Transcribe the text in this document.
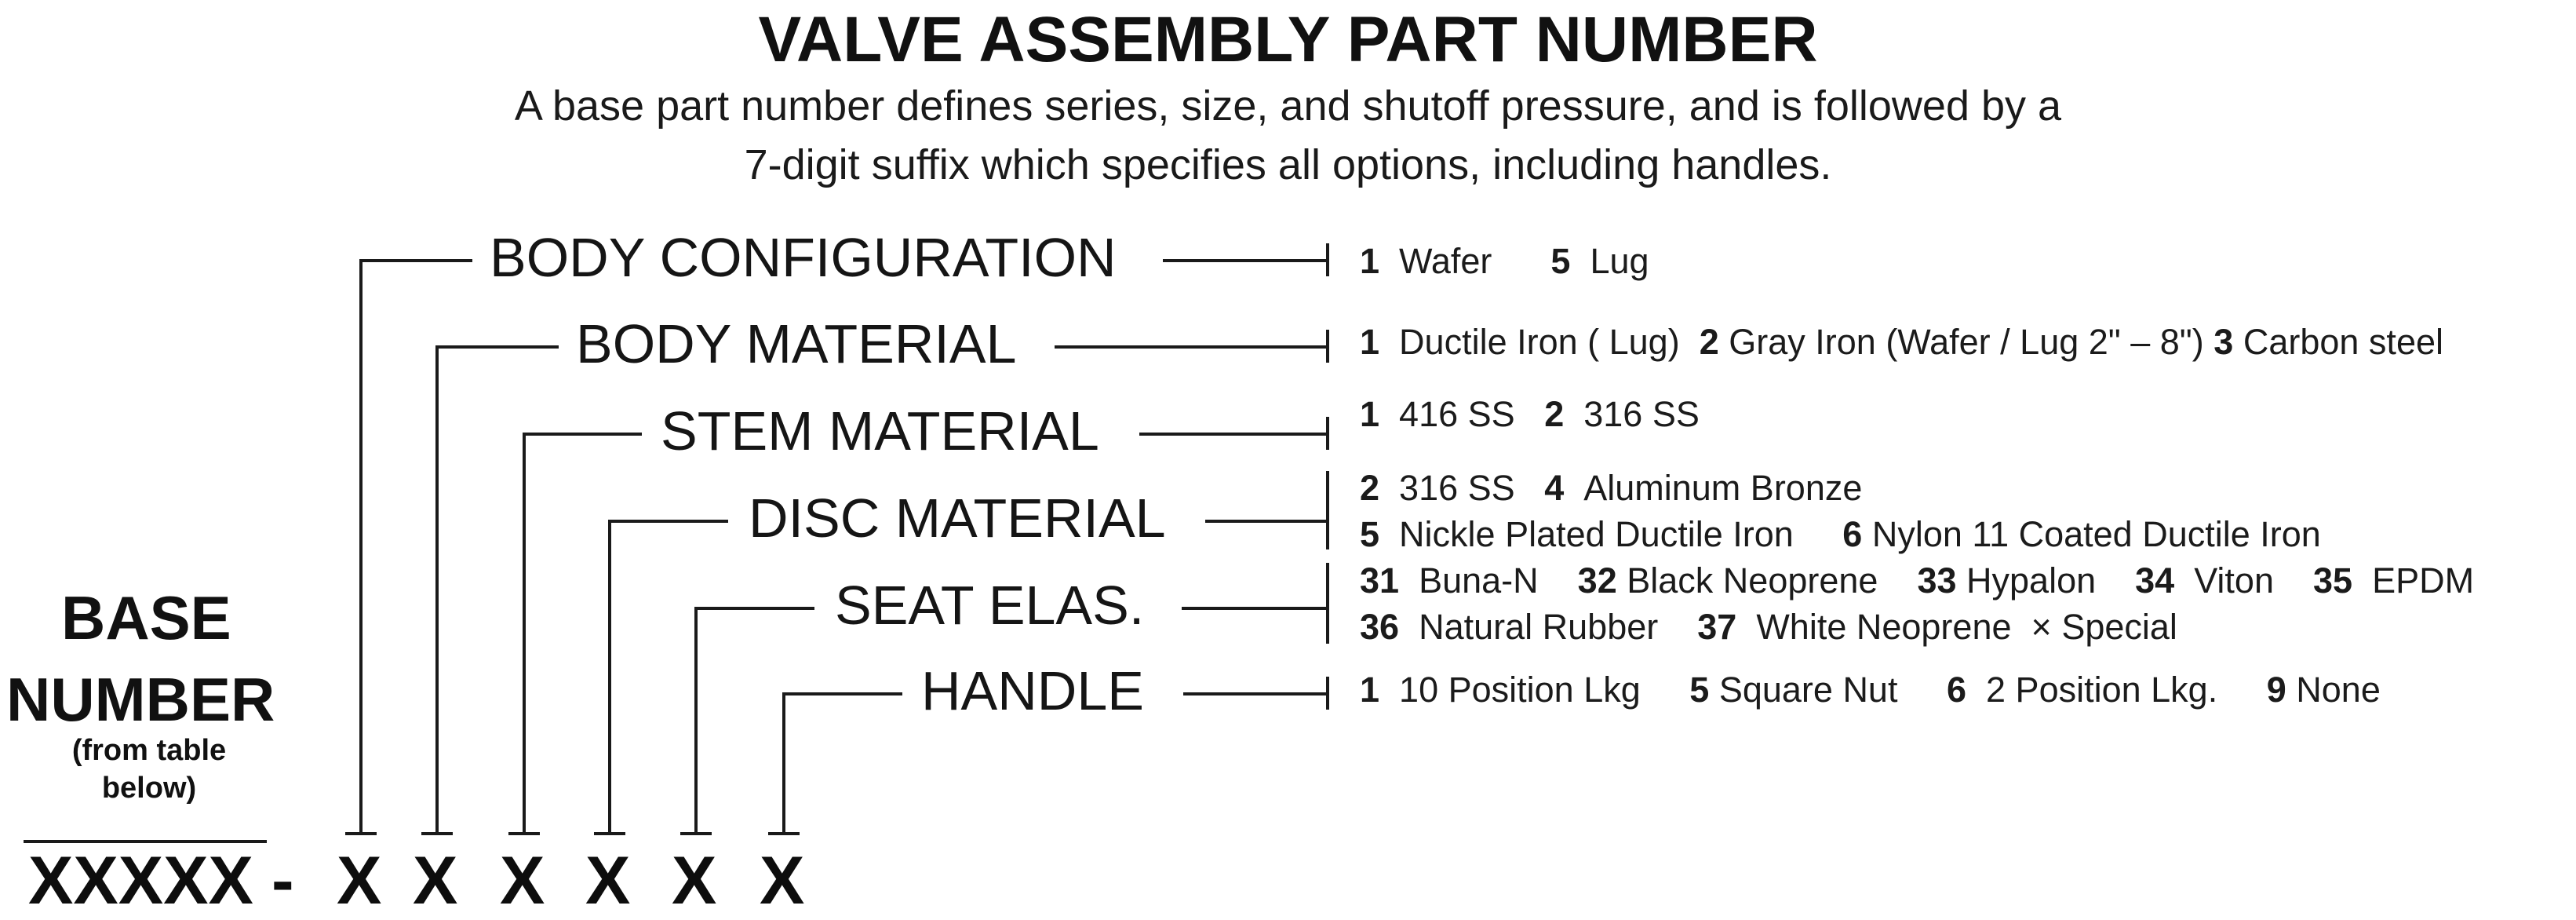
VALVE ASSEMBLY PART NUMBER
A base part number defines series, size, and shutoff pressure, and is followed by a
7-digit suffix which specifies all options, including handles.
BODY CONFIGURATION
BODY MATERIAL
STEM MATERIAL
DISC MATERIAL
SEAT ELAS.
HANDLE
1 Wafer 5 Lug
1 Ductile Iron ( Lug) 2 Gray Iron (Wafer / Lug 2" – 8") 3 Carbon steel
1 416 SS 2 316 SS
2 316 SS 4 Aluminum Bronze
5 Nickle Plated Ductile Iron 6 Nylon 11 Coated Ductile Iron
31 Buna-N 32 Black Neoprene 33 Hypalon 34 Viton 35 EPDM
36 Natural Rubber 37 White Neoprene × Special
1 10 Position Lkg 5 Square Nut 6 2 Position Lkg. 9 None
BASE
NUMBER
(from table
below)
XXXXX - X X X X X X
